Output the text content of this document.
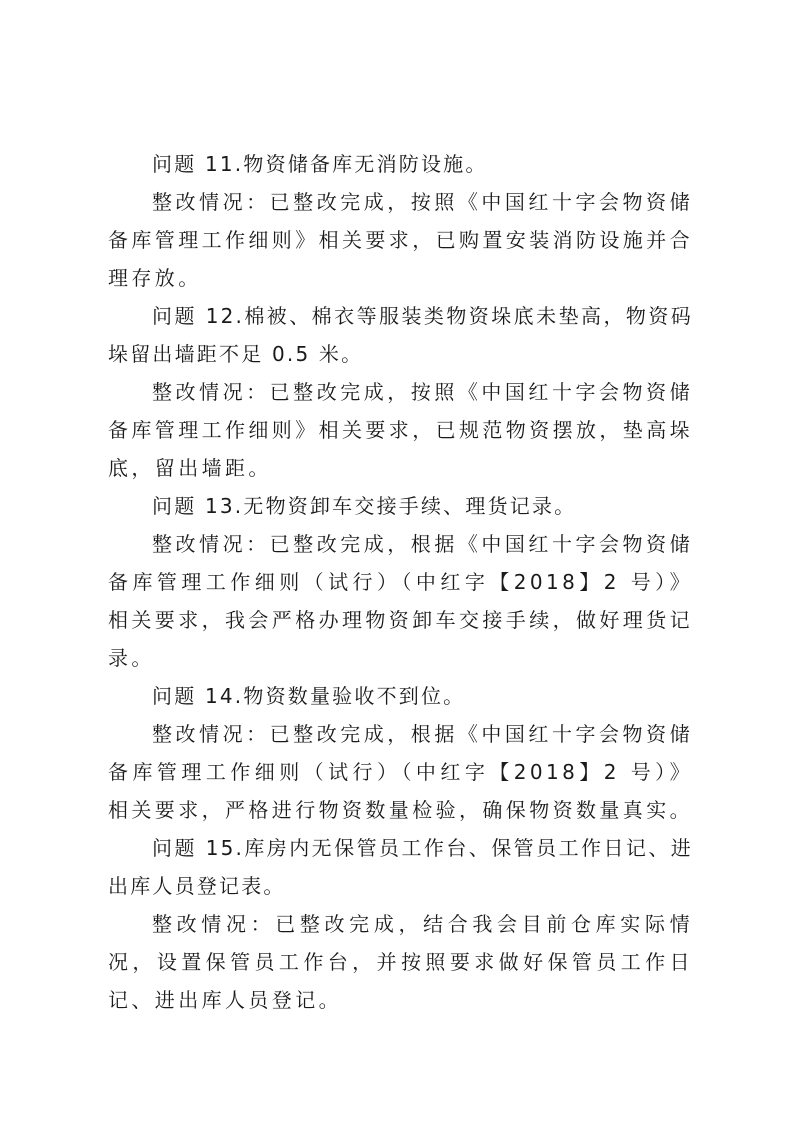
问题 11.物资储备库无消防设施。

整改情况：已整改完成，按照《中国红十字会物资储备库管理工作细则》相关要求，已购置安装消防设施并合理存放。

问题 12.棉被、棉衣等服装类物资垛底未垫高，物资码垛留出墙距不足 0.5 米。

整改情况：已整改完成，按照《中国红十字会物资储备库管理工作细则》相关要求，已规范物资摆放，垫高垛底，留出墙距。

问题 13.无物资卸车交接手续、理货记录。

整改情况：已整改完成，根据《中国红十字会物资储备库管理工作细则（试行）（中红字【2018】2 号）》相关要求，我会严格办理物资卸车交接手续，做好理货记录。

问题 14.物资数量验收不到位。

整改情况：已整改完成，根据《中国红十字会物资储备库管理工作细则（试行）（中红字【2018】2 号）》相关要求，严格进行物资数量检验，确保物资数量真实。

问题 15.库房内无保管员工作台、保管员工作日记、进出库人员登记表。

整改情况：已整改完成，结合我会目前仓库实际情况，设置保管员工作台，并按照要求做好保管员工作日记、进出库人员登记。
